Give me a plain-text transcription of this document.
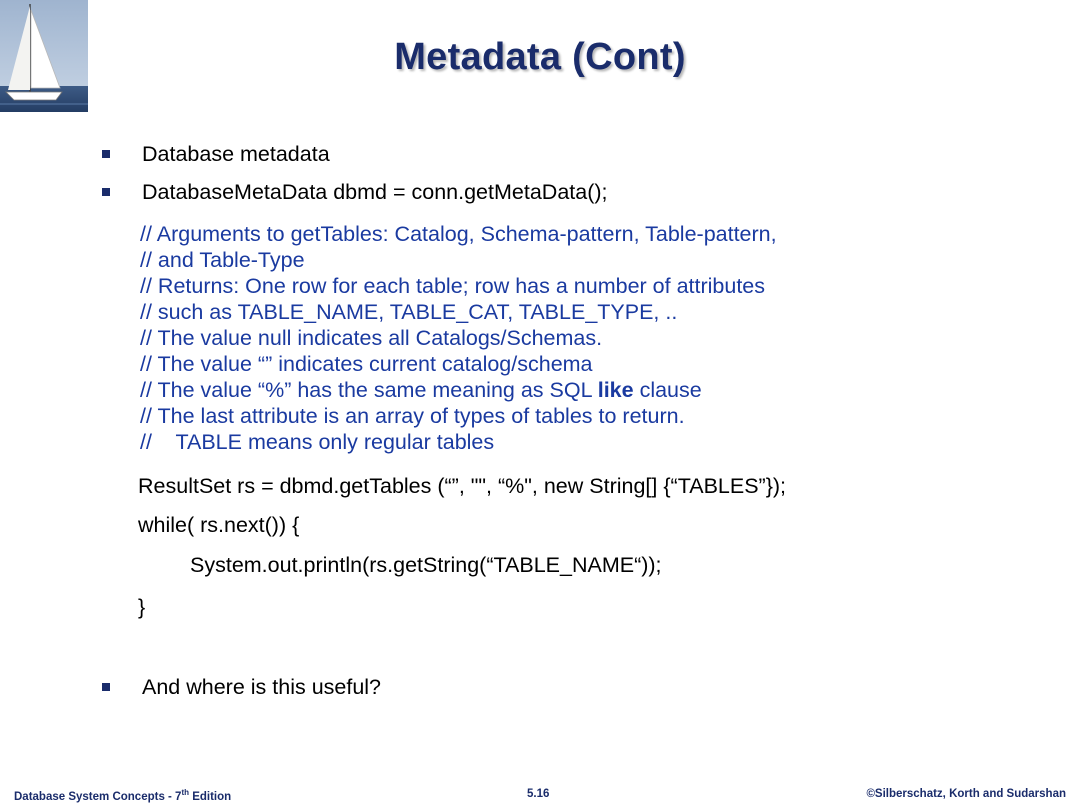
Metadata (Cont)
Database metadata
DatabaseMetaData dbmd = conn.getMetaData();
// Arguments to getTables: Catalog, Schema-pattern, Table-pattern,
// and Table-Type
// Returns: One row for each table; row has a number of attributes
// such as TABLE_NAME, TABLE_CAT, TABLE_TYPE, ..
// The value null indicates all Catalogs/Schemas.
// The value “” indicates current catalog/schema
// The value “%” has the same meaning as SQL like clause
// The last attribute is an array of types of tables to return.
//    TABLE means only regular tables
ResultSet rs = dbmd.getTables (“”, "", “%", new String[] {“TABLES”});
while( rs.next()) {
System.out.println(rs.getString(“TABLE_NAME“));
}
And where is this useful?
Database System Concepts - 7th Edition	5.16	©Silberschatz, Korth and Sudarshan
